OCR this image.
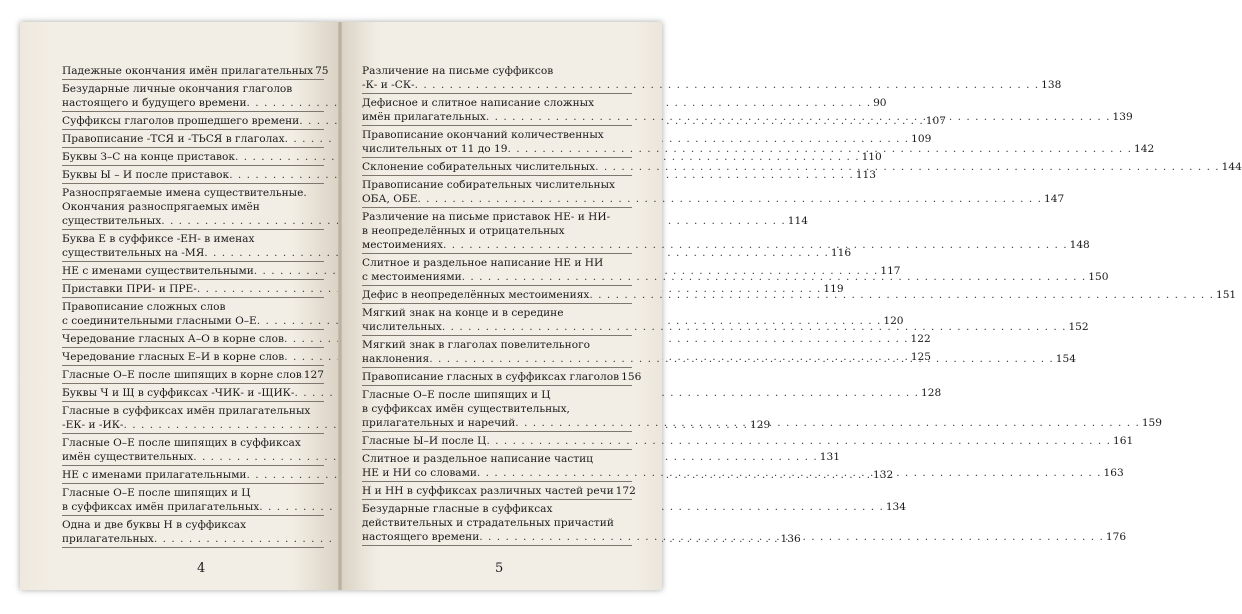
Падежные окончания имён прилагательных 75
Безударные личные окончания глаголов
настоящего и будущего времени . . .	90
Суффиксы глаголов прошедшего времени . . .	107
Правописание -ТСЯ и -ТЬСЯ в глаголах . . .	109
Буквы З–С на конце приставок . . .	110
Буквы Ы – И после приставок . . .	113
Разноспрягаемые имена существительные.
Окончания разноспрягаемых имён
существительных . . .	114
Буква Е в суффиксе -ЕН- в именах
существительных на -МЯ . . .	116
НЕ с именами существительными . . .	117
Приставки ПРИ- и ПРЕ- . . .	119
Правописание сложных слов
с соединительными гласными О–Е . . .	120
Чередование гласных А–О в корне слов . . .	122
Чередование гласных Е–И в корне слов . . .	125
Гласные О–Е после шипящих в корне слов . . . 127
Буквы Ч и Щ в суффиксах -ЧИК- и -ЩИК- . . .	128
Гласные в суффиксах имён прилагательных
-ЕК- и -ИК- . . .	129
Гласные О–Е после шипящих в суффиксах
имён существительных . . .	131
НЕ с именами прилагательными . . .	132
Гласные О–Е после шипящих и Ц
в суффиксах имён прилагательных . . .	134
Одна и две буквы Н в суффиксах
прилагательных . . .	136
4
Различение на письме суффиксов
-К- и -СК- . . .	138
Дефисное и слитное написание сложных
имён прилагательных . . .	139
Правописание окончаний количественных
числительных от 11 до 19 . . .	142
Склонение собирательных числительных . . .	144
Правописание собирательных числительных
ОБА, ОБЕ . . .	147
Различение на письме приставок НЕ- и НИ-
в неопределённых и отрицательных
местоимениях . . .	148
Слитное и раздельное написание НЕ и НИ
с местоимениями . . .	150
Дефис в неопределённых местоимениях . . .	151
Мягкий знак на конце и в середине
числительных . . .	152
Мягкий знак в глаголах повелительного
наклонения . . .	154
Правописание гласных в суффиксах глаголов 156
Гласные О–Е после шипящих и Ц
в суффиксах имён существительных,
прилагательных и наречий . . .	159
Гласные Ы–И после Ц . . .	161
Слитное и раздельное написание частиц
НЕ и НИ со словами . . .	163
Н и НН в суффиксах различных частей речи 172
Безударные гласные в суффиксах
действительных и страдательных причастий
настоящего времени . . .	176
5
